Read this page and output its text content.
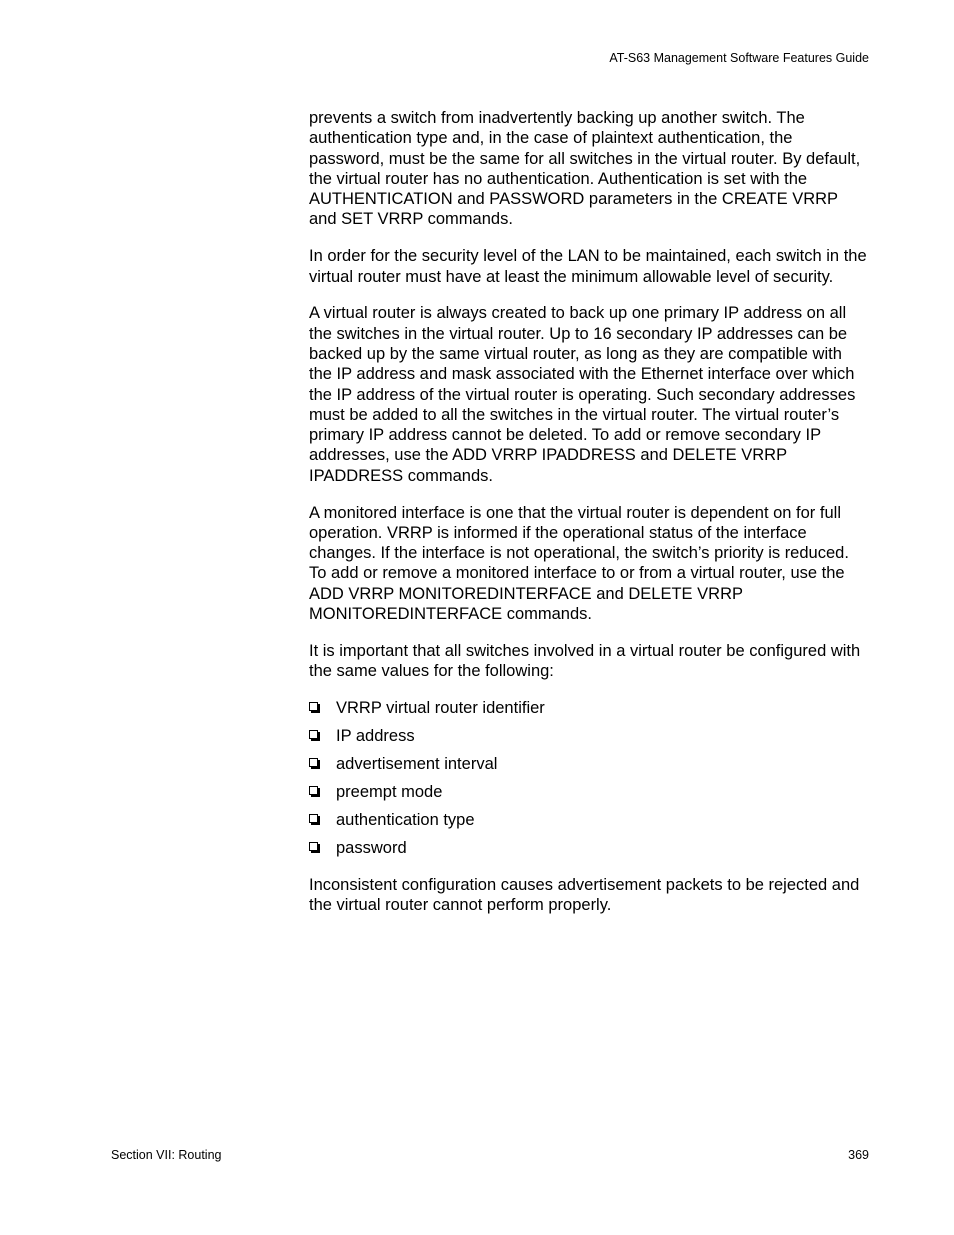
AT-S63 Management Software Features Guide

prevents a switch from inadvertently backing up another switch. The authentication type and, in the case of plaintext authentication, the password, must be the same for all switches in the virtual router. By default, the virtual router has no authentication. Authentication is set with the AUTHENTICATION and PASSWORD parameters in the CREATE VRRP and SET VRRP commands.

In order for the security level of the LAN to be maintained, each switch in the virtual router must have at least the minimum allowable level of security.

A virtual router is always created to back up one primary IP address on all the switches in the virtual router. Up to 16 secondary IP addresses can be backed up by the same virtual router, as long as they are compatible with the IP address and mask associated with the Ethernet interface over which the IP address of the virtual router is operating. Such secondary addresses must be added to all the switches in the virtual router. The virtual router’s primary IP address cannot be deleted. To add or remove secondary IP addresses, use the ADD VRRP IPADDRESS and DELETE VRRP IPADDRESS commands.

A monitored interface is one that the virtual router is dependent on for full operation. VRRP is informed if the operational status of the interface changes. If the interface is not operational, the switch’s priority is reduced. To add or remove a monitored interface to or from a virtual router, use the ADD VRRP MONITOREDINTERFACE and DELETE VRRP MONITOREDINTERFACE commands.

It is important that all switches involved in a virtual router be configured with the same values for the following:

VRRP virtual router identifier
IP address
advertisement interval
preempt mode
authentication type
password

Inconsistent configuration causes advertisement packets to be rejected and the virtual router cannot perform properly.

Section VII: Routing	369
